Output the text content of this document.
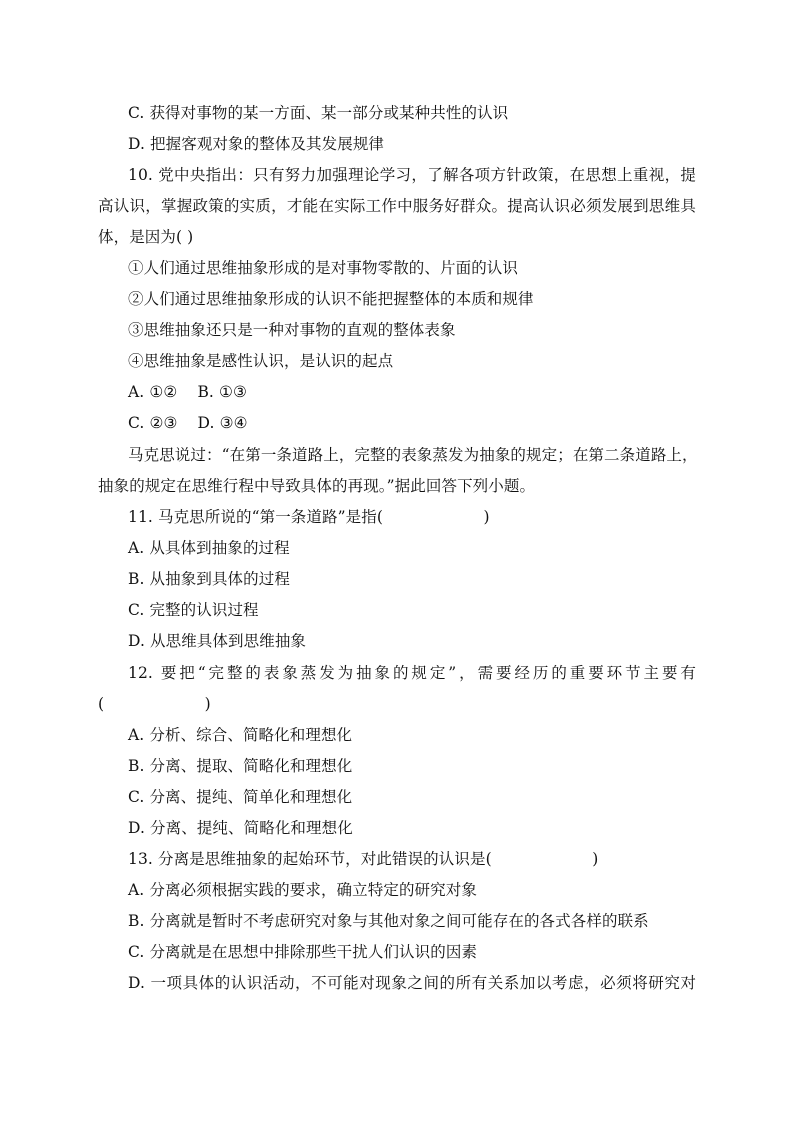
C. 获得对事物的某一方面、某一部分或某种共性的认识
D. 把握客观对象的整体及其发展规律
10. 党中央指出：只有努力加强理论学习，了解各项方针政策，在思想上重视，提
高认识，掌握政策的实质，才能在实际工作中服务好群众。提高认识必须发展到思维具
体，是因为( )
①人们通过思维抽象形成的是对事物零散的、片面的认识
②人们通过思维抽象形成的认识不能把握整体的本质和规律
③思维抽象还只是一种对事物的直观的整体表象
④思维抽象是感性认识，是认识的起点
A. ①②    B. ①③
C. ②③    D. ③④
马克思说过：“在第一条道路上，完整的表象蒸发为抽象的规定；在第二条道路上，
抽象的规定在思维行程中导致具体的再现。”据此回答下列小题。
11. 马克思所说的“第一条道路”是指(                    )
A. 从具体到抽象的过程
B. 从抽象到具体的过程
C. 完整的认识过程
D. 从思维具体到思维抽象
12. 要把“完整的表象蒸发为抽象的规定”，需要经历的重要环节主要有
(                    )
A. 分析、综合、简略化和理想化
B. 分离、提取、简略化和理想化
C. 分离、提纯、简单化和理想化
D. 分离、提纯、简略化和理想化
13. 分离是思维抽象的起始环节，对此错误的认识是(                    )
A. 分离必须根据实践的要求，确立特定的研究对象
B. 分离就是暂时不考虑研究对象与其他对象之间可能存在的各式各样的联系
C. 分离就是在思想中排除那些干扰人们认识的因素
D. 一项具体的认识活动，不可能对现象之间的所有关系加以考虑，必须将研究对
